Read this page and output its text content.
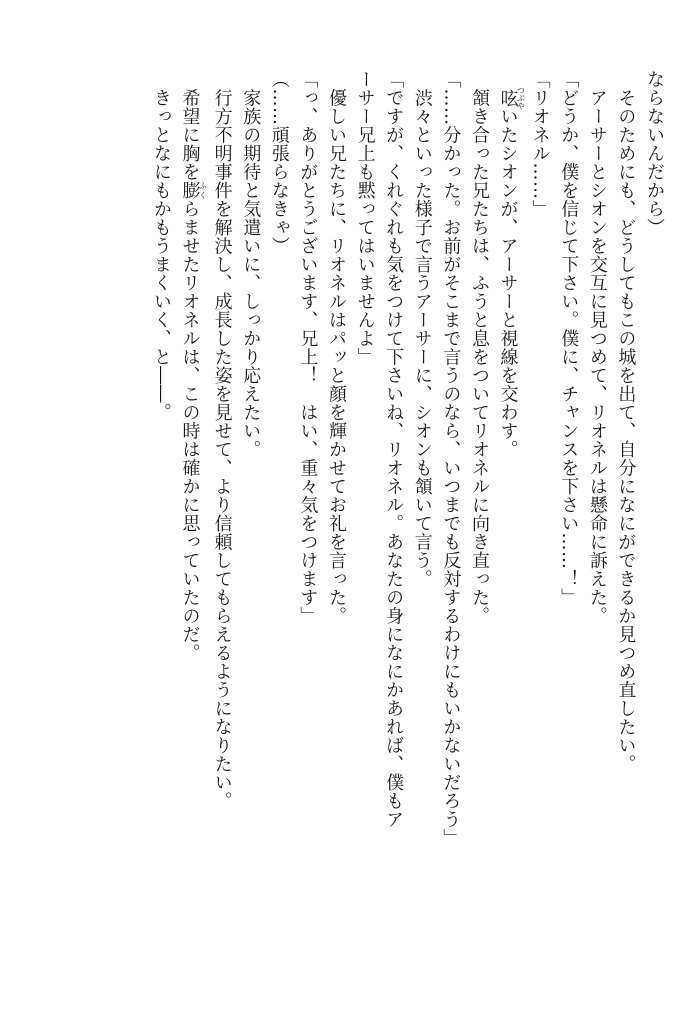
ならないんだから）
　そのためにも、どうしてもこの城を出て、自分になにができるか見つめ直したい。
　アーサーとシオンを交互に見つめて、リオネルは懸命に訴えた。
「どうか、僕を信じて下さい。僕に、チャンスを下さい……！」
「リオネル……」
　呟つぶやいたシオンが、アーサーと視線を交わす。
　頷き合った兄たちは、ふうと息をついてリオネルに向き直った。
「……分かった。お前がそこまで言うのなら、いつまでも反対するわけにもいかないだろう」
　渋々といった様子で言うアーサーに、シオンも頷いて言う。
「ですが、くれぐれも気をつけて下さいね、リオネル。あなたの身になにかあれば、僕もア
ーサー兄上も黙ってはいませんよ」
　優しい兄たちに、リオネルはパッと顔を輝かせてお礼を言った。
「っ、ありがとうございます、兄上！　はい、重々気をつけます」
（……頑張らなきゃ）
　家族の期待と気遣いに、しっかり応えたい。
　行方不明事件を解決し、成長した姿を見せて、より信頼してもらえるようになりたい。
　希望に胸を膨ふくらませたリオネルは、この時は確かに思っていたのだ。
　きっとなにもかもうまくいく、と――。
